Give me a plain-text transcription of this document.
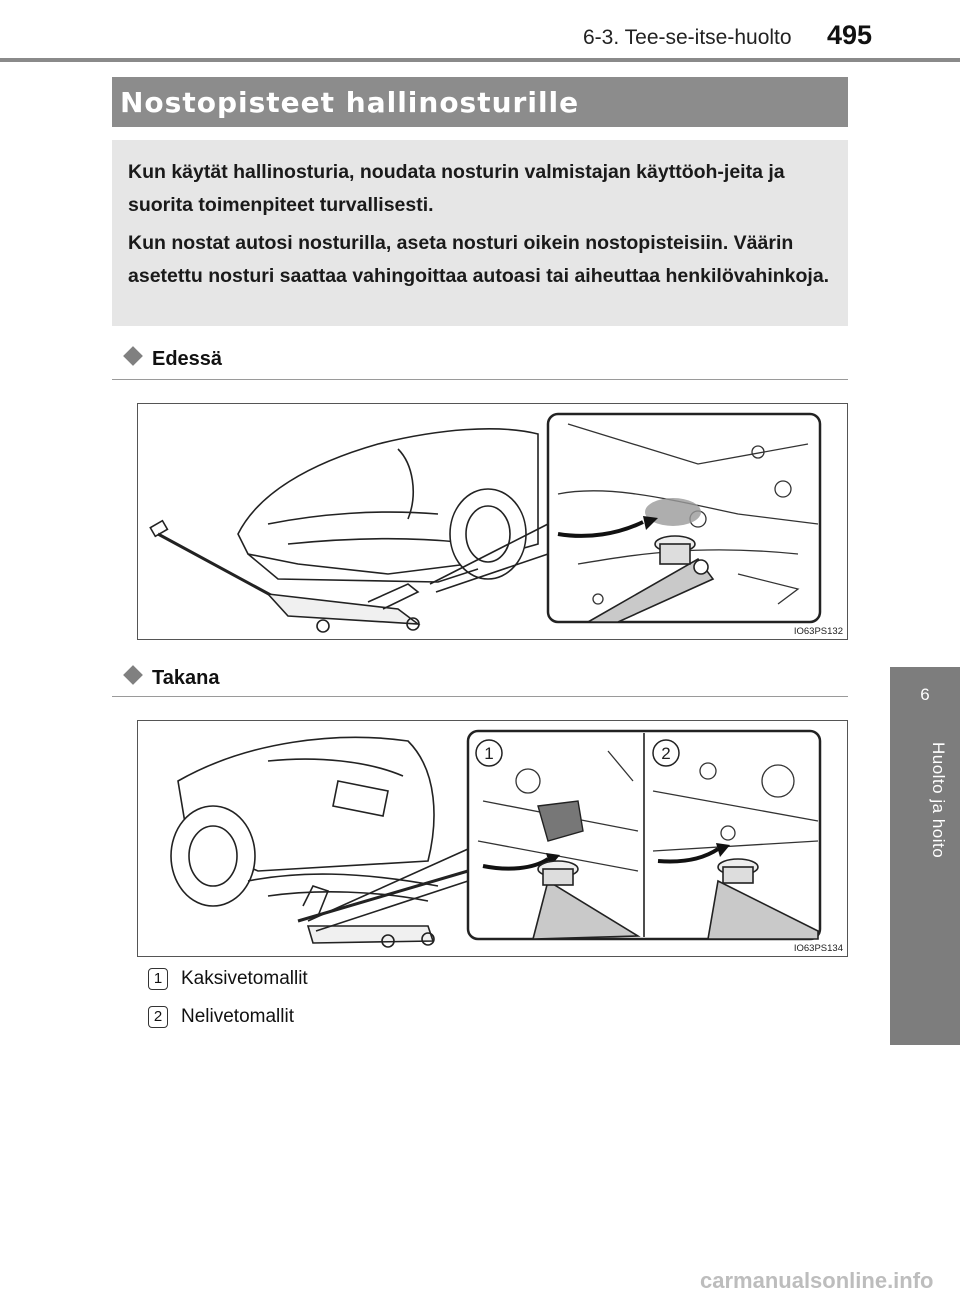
6-3. Tee-se-itse-huolto 495
6
Huolto ja hoito
Nostopisteet hallinosturille
Kun käytät hallinosturia, noudata nosturin valmistajan käyttöoh-jeita ja suorita toimenpiteet turvallisesti.
Kun nostat autosi nosturilla, aseta nosturi oikein nostopisteisiin. Väärin asetettu nosturi saattaa vahingoittaa autoasi tai aiheuttaa henkilövahinkoja.
Edessä
IO63PS132
Takana
1	2
IO63PS134
1 Kaksivetomallit
2 Nelivetomallit
carmanualsonline.info
